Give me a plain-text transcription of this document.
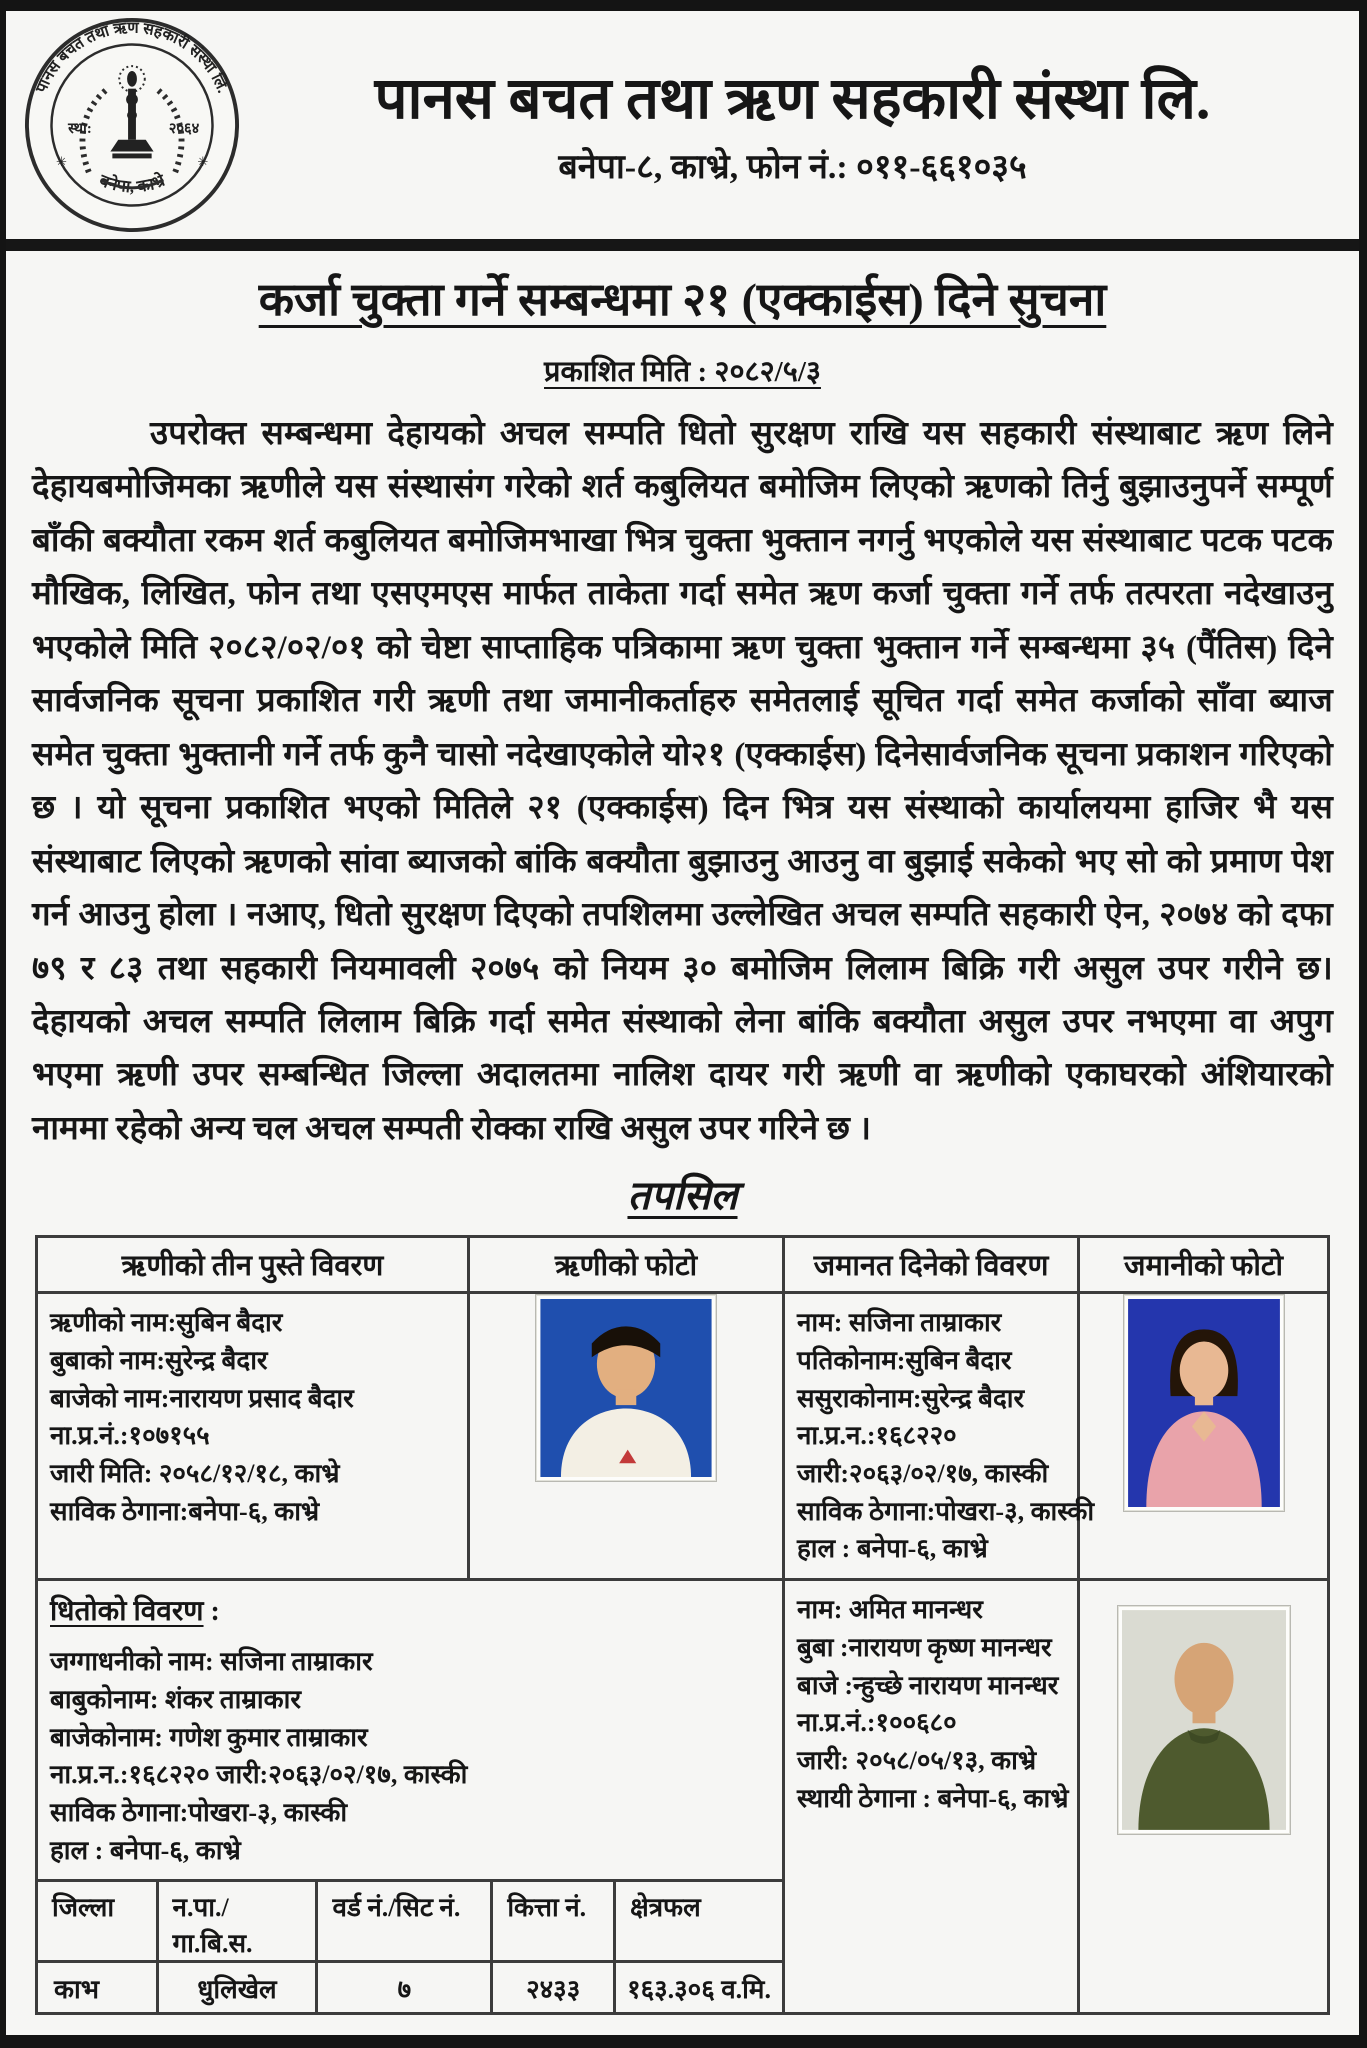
पानस बचत तथा ऋण सहकारी संस्था लि.
बनेपा, काभ्रे
स्था:	२०६४
✳	✳
पानस बचत तथा ऋण सहकारी संस्था लि.
बनेपा-८, काभ्रे, फोन नं.: ०११-६६१०३५
कर्जा चुक्ता गर्ने सम्बन्धमा २१ (एक्काईस) दिने सुचना
प्रकाशित मिति : २०८२/५/३
उपरोक्त सम्बन्धमा देहायको अचल सम्पति धितो सुरक्षण राखि यस सहकारी संस्थाबाट ऋण लिने देहायबमोजिमका ऋणीले यस संस्थासंग गरेको शर्त कबुलियत बमोजिम लिएको ऋणको तिर्नु बुझाउनुपर्ने सम्पूर्ण बाँकी बक्यौता रकम शर्त कबुलियत बमोजिमभाखा भित्र चुक्ता भुक्तान नगर्नु भएकोले यस संस्थाबाट पटक पटक मौखिक, लिखित, फोन तथा एसएमएस मार्फत ताकेता गर्दा समेत ऋण कर्जा चुक्ता गर्ने तर्फ तत्परता नदेखाउनु भएकोले मिति २०८२/०२/०१ को चेष्टा साप्ताहिक पत्रिकामा ऋण चुक्ता भुक्तान गर्ने सम्बन्धमा ३५ (पैंतिस) दिने सार्वजनिक सूचना प्रकाशित गरी ऋणी तथा जमानीकर्ताहरु समेतलाई सूचित गर्दा समेत कर्जाको साँवा ब्याज समेत चुक्ता भुक्तानी गर्ने तर्फ कुनै चासो नदेखाएकोले यो२१ (एक्काईस) दिनेसार्वजनिक सूचना प्रकाशन गरिएको छ । यो सूचना प्रकाशित भएको मितिले २१ (एक्काईस) दिन भित्र यस संस्थाको कार्यालयमा हाजिर भै यस संस्थाबाट लिएको ऋणको सांवा ब्याजको बांकि बक्यौता बुझाउनु आउनु वा बुझाई सकेको भए सो को प्रमाण पेश गर्न आउनु होला । नआए, धितो सुरक्षण दिएको तपशिलमा उल्लेखित अचल सम्पति सहकारी ऐन, २०७४ को दफा ७९ र ८३ तथा सहकारी नियमावली २०७५ को नियम ३० बमोजिम लिलाम बिक्रि गरी असुल उपर गरीने छ। देहायको अचल सम्पति लिलाम बिक्रि गर्दा समेत संस्थाको लेना बांकि बक्यौता असुल उपर नभएमा वा अपुग भएमा ऋणी उपर सम्बन्धित जिल्ला अदालतमा नालिश दायर गरी ऋणी वा ऋणीको एकाघरको अंशियारको नाममा रहेको अन्य चल अचल सम्पती रोक्का राखि असुल उपर गरिने छ ।
तपसिल
ऋणीको तीन पुस्ते विवरण	ऋणीको फोटो	जमानत दिनेको विवरण	जमानीको फोटो

ऋणीको नाम:सुबिन बैदार
बुबाको नाम:सुरेन्द्र बैदार
बाजेको नाम:नारायण प्रसाद बैदार
ना.प्र.नं.:१०७१५५
जारी मिति: २०५८/१२/१८, काभ्रे
साविक ठेगाना:बनेपा-६, काभ्रे

नाम: सजिना ताम्राकार
पतिकोनाम:सुबिन बैदार
ससुराकोनाम:सुरेन्द्र बैदार
ना.प्र.न.:१६८२२०
जारी:२०६३/०२/१७, कास्की
साविक ठेगाना:पोखरा-३, कास्की
हाल : बनेपा-६, काभ्रे

धितोको विवरण :
जग्गाधनीको नाम: सजिना ताम्राकार
बाबुकोनाम: शंकर ताम्राकार
बाजेकोनाम: गणेश कुमार ताम्राकार
ना.प्र.न.:१६८२२० जारी:२०६३/०२/१७, कास्की
साविक ठेगाना:पोखरा-३, कास्की
हाल : बनेपा-६, काभ्रे

नाम: अमित मानन्धर
बुबा :नारायण कृष्ण मानन्धर
बाजे :न्हुच्छे नारायण मानन्धर
ना.प्र.नं.:१००६८०
जारी: २०५८/०५/१३, काभ्रे
स्थायी ठेगाना : बनेपा-६, काभ्रे

जिल्ला	न.पा./गा.बि.स.	वर्ड नं./सिट नं.	कित्ता नं.	क्षेत्रफल
काभ	धुलिखेल	७	२४३३	१६३.३०६ व.मि.
